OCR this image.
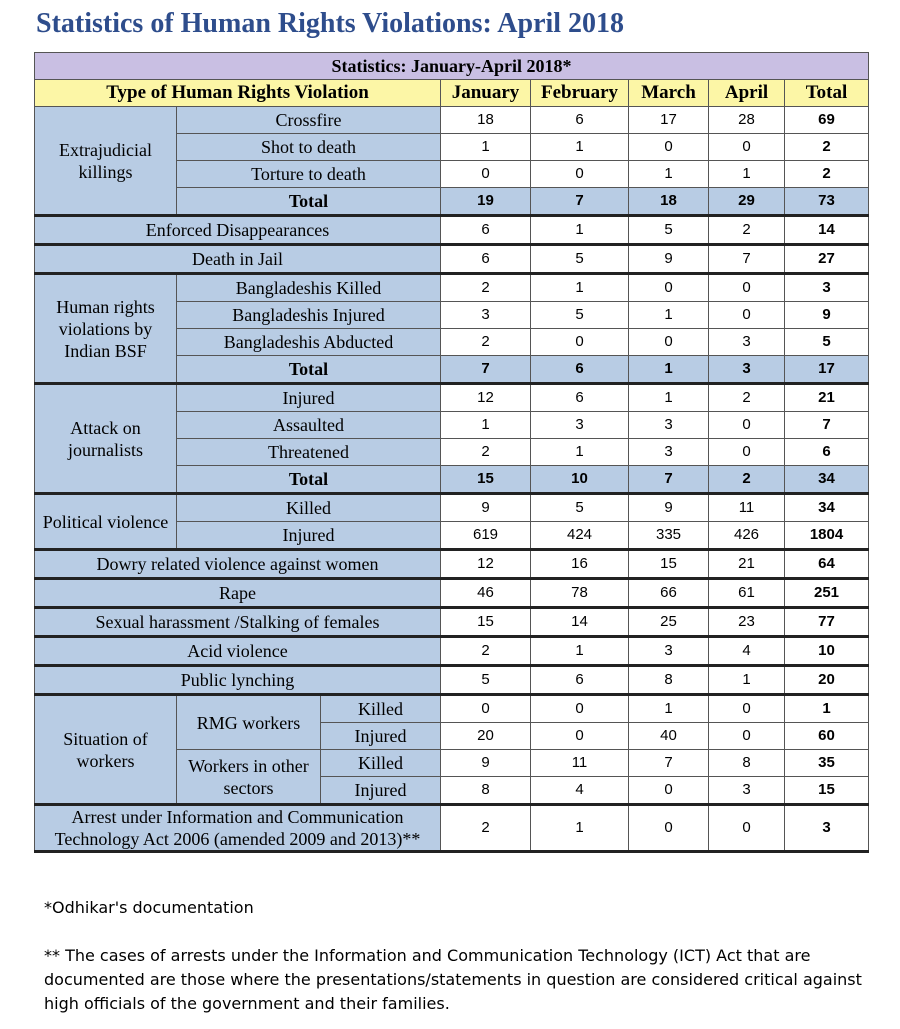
Statistics of Human Rights Violations: April 2018
Statistics: January-April 2018*							
Type of Human Rights Violation			January	February	March	April	Total
Extrajudicial killings	Crossfire		18	6	17	28	69
	Shot to death		1	1	0	0	2
	Torture to death		0	0	1	1	2
	Total		19	7	18	29	73
Enforced Disappearances			6	1	5	2	14
Death in Jail			6	5	9	7	27
Human rights violations by Indian BSF	Bangladeshis Killed		2	1	0	0	3
	Bangladeshis Injured		3	5	1	0	9
	Bangladeshis Abducted		2	0	0	3	5
	Total		7	6	1	3	17
Attack on journalists	Injured		12	6	1	2	21
	Assaulted		1	3	3	0	7
	Threatened		2	1	3	0	6
	Total		15	10	7	2	34
Political violence	Killed		9	5	9	11	34
	Injured		619	424	335	426	1804
Dowry related violence against women			12	16	15	21	64
Rape			46	78	66	61	251
Sexual harassment /Stalking of females			15	14	25	23	77
Acid violence			2	1	3	4	10
Public lynching			5	6	8	1	20
Situation of workers	RMG workers	Killed	0	0	1	0	1
		Injured	20	0	40	0	60
	Workers in other sectors	Killed	9	11	7	8	35
		Injured	8	4	0	3	15
Arrest under Information and Communication Technology Act 2006 (amended 2009 and 2013)**			2	1	0	0	3

*Odhikar's documentation

** The cases of arrests under the Information and Communication Technology (ICT) Act that are documented are those where the presentations/statements in question are considered critical against high officials of the government and their families.
